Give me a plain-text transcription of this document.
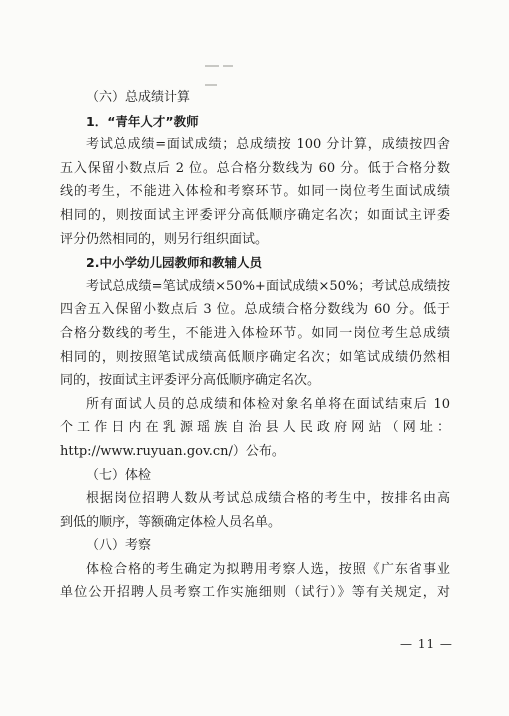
（六）总成绩计算
1．“青年人才”教师
考试总成绩=面试成绩；总成绩按 100 分计算，成绩按四舍
五入保留小数点后 2 位。总合格分数线为 60 分。低于合格分数
线的考生，不能进入体检和考察环节。如同一岗位考生面试成绩
相同的，则按面试主评委评分高低顺序确定名次；如面试主评委
评分仍然相同的，则另行组织面试。
2.中小学幼儿园教师和教辅人员
考试总成绩=笔试成绩×50%+面试成绩×50%；考试总成绩按
四舍五入保留小数点后 3 位。总成绩合格分数线为 60 分。低于
合格分数线的考生，不能进入体检环节。如同一岗位考生总成绩
相同的，则按照笔试成绩高低顺序确定名次；如笔试成绩仍然相
同的，按面试主评委评分高低顺序确定名次。
所有面试人员的总成绩和体检对象名单将在面试结束后 10
个工作日内在乳源瑶族自治县人民政府网站（网址：
http://www.ruyuan.gov.cn/）公布。
（七）体检
根据岗位招聘人数从考试总成绩合格的考生中，按排名由高
到低的顺序，等额确定体检人员名单。
（八）考察
体检合格的考生确定为拟聘用考察人选，按照《广东省事业
单位公开招聘人员考察工作实施细则（试行）》等有关规定，对
— 11 —
